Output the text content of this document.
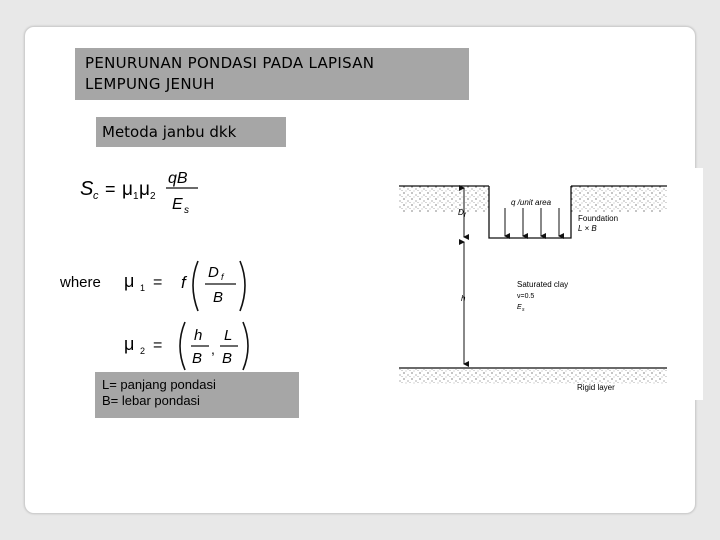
PENURUNAN PONDASI PADA LAPISAN
LEMPUNG JENUH
Metoda janbu dkk
S c = μ 1 μ 2
qB
E s
where μ 1 = f
D f
B
μ 2 =
h
B
,
L
B
L= panjang pondasi
B= lebar pondasi
q /unit area
D f	Foundation
L × B
Saturated clay
ν=0.5
E s
h
Rigid layer
